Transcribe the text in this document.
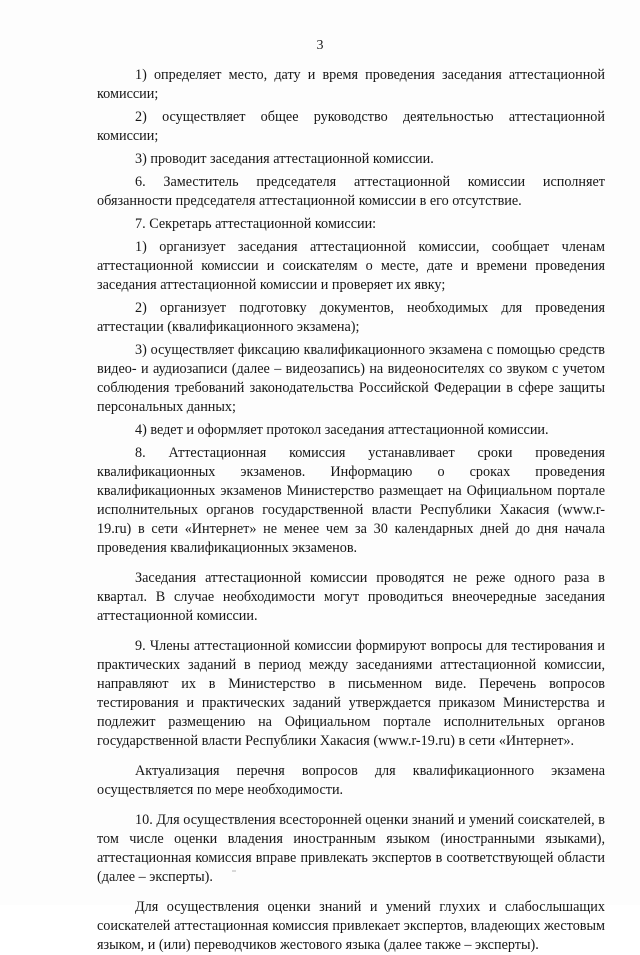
3

1) определяет место, дату и время проведения заседания аттестационной комиссии;

2) осуществляет общее руководство деятельностью аттестационной комиссии;

3) проводит заседания аттестационной комиссии.

6. Заместитель председателя аттестационной комиссии исполняет обязанности председателя аттестационной комиссии в его отсутствие.

7. Секретарь аттестационной комиссии:

1) организует заседания аттестационной комиссии, сообщает членам аттестационной комиссии и соискателям о месте, дате и времени проведения заседания аттестационной комиссии и проверяет их явку;

2) организует подготовку документов, необходимых для проведения аттестации (квалификационного экзамена);

3) осуществляет фиксацию квалификационного экзамена с помощью средств видео- и аудиозаписи (далее – видеозапись) на видеоносителях со звуком с учетом соблюдения требований законодательства Российской Федерации в сфере защиты персональных данных;

4) ведет и оформляет протокол заседания аттестационной комиссии.

8. Аттестационная комиссия устанавливает сроки проведения квалификационных экзаменов. Информацию о сроках проведения квалификационных экзаменов Министерство размещает на Официальном портале исполнительных органов государственной власти Республики Хакасия (www.r-19.ru) в сети «Интернет» не менее чем за 30 календарных дней до дня начала проведения квалификационных экзаменов.

Заседания аттестационной комиссии проводятся не реже одного раза в квартал. В случае необходимости могут проводиться внеочередные заседания аттестационной комиссии.

9. Члены аттестационной комиссии формируют вопросы для тестирования и практических заданий в период между заседаниями аттестационной комиссии, направляют их в Министерство в письменном виде. Перечень вопросов тестирования и практических заданий утверждается приказом Министерства и подлежит размещению на Официальном портале исполнительных органов государственной власти Республики Хакасия (www.r-19.ru) в сети «Интернет».

Актуализация перечня вопросов для квалификационного экзамена осуществляется по мере необходимости.

10. Для осуществления всесторонней оценки знаний и умений соискателей, в том числе оценки владения иностранным языком (иностранными языками), аттестационная комиссия вправе привлекать экспертов в соответствующей области (далее – эксперты).

Для осуществления оценки знаний и умений глухих и слабослышащих соискателей аттестационная комиссия привлекает экспертов, владеющих жестовым языком, и (или) переводчиков жестового языка (далее также – эксперты).
